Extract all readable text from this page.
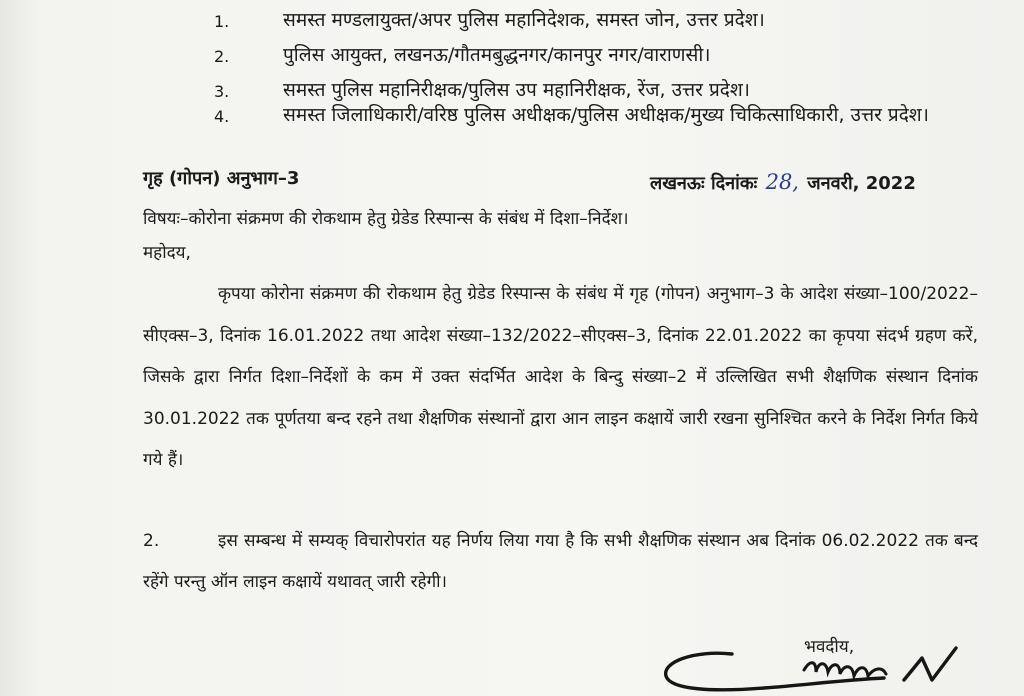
1.	समस्त मण्डलायुक्त/अपर पुलिस महानिदेशक, समस्त जोन, उत्तर प्रदेश।
2.	पुलिस आयुक्त, लखनऊ/गौतमबुद्धनगर/कानपुर नगर/वाराणसी।
3.	समस्त पुलिस महानिरीक्षक/पुलिस उप महानिरीक्षक, रेंज, उत्तर प्रदेश।
4.	समस्त जिलाधिकारी/वरिष्ठ पुलिस अधीक्षक/पुलिस अधीक्षक/मुख्य चिकित्साधिकारी, उत्तर प्रदेश।
गृह (गोपन) अनुभाग–3	लखनऊः दिनांकः 28, जनवरी, 2022
विषयः–कोरोना संक्रमण की रोकथाम हेतु ग्रेडेड रिस्पान्स के संबंध में दिशा–निर्देश।
महोदय,
कृपया कोरोना संक्रमण की रोकथाम हेतु ग्रेडेड रिस्पान्स के संबंध में गृह (गोपन) अनुभाग–3 के आदेश संख्या–100/2022–सीएक्स–3, दिनांक 16.01.2022 तथा आदेश संख्या–132/2022–सीएक्स–3, दिनांक 22.01.2022 का कृपया संदर्भ ग्रहण करें, जिसके द्वारा निर्गत दिशा–निर्देशों के कम में उक्त संदर्भित आदेश के बिन्दु संख्या–2 में उल्लिखित सभी शैक्षणिक संस्थान दिनांक 30.01.2022 तक पूर्णतया बन्द रहने तथा शैक्षणिक संस्थानों द्वारा आन लाइन कक्षायें जारी रखना सुनिश्चित करने के निर्देश निर्गत किये गये हैं।
2.	इस सम्बन्ध में सम्यक् विचारोपरांत यह निर्णय लिया गया है कि सभी शैक्षणिक संस्थान अब दिनांक 06.02.2022 तक बन्द रहेंगे परन्तु ऑन लाइन कक्षायें यथावत् जारी रहेगी।
भवदीय,
